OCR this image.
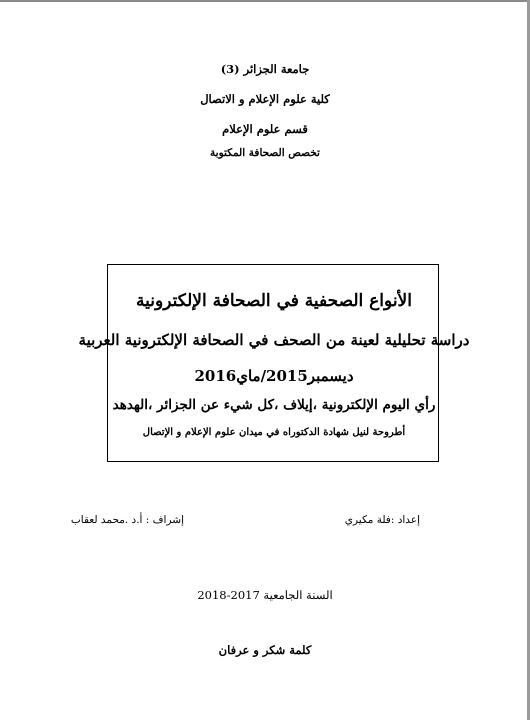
جامعة الجزائر (3)
كلية علوم الإعلام و الاتصال
قسم علوم الإعلام
تخصص الصحافة المكتوبة
الأنواع الصحفية في الصحافة الإلكترونية
دراسة تحليلية لعينة من الصحف في الصحافة الإلكترونية العربية
ديسمبر2015/ماي2016
رأي اليوم الإلكترونية ،إيلاف ،كل شيء عن الجزائر ،الهدهد
أطروحة لنيل شهادة الدكتوراه في ميدان علوم الإعلام و الإتصال
إعداد :فلة مكيري
إشراف : أ.د .محمد لعقاب
السنة الجامعية 2017-2018
كلمة شكر و عرفان
